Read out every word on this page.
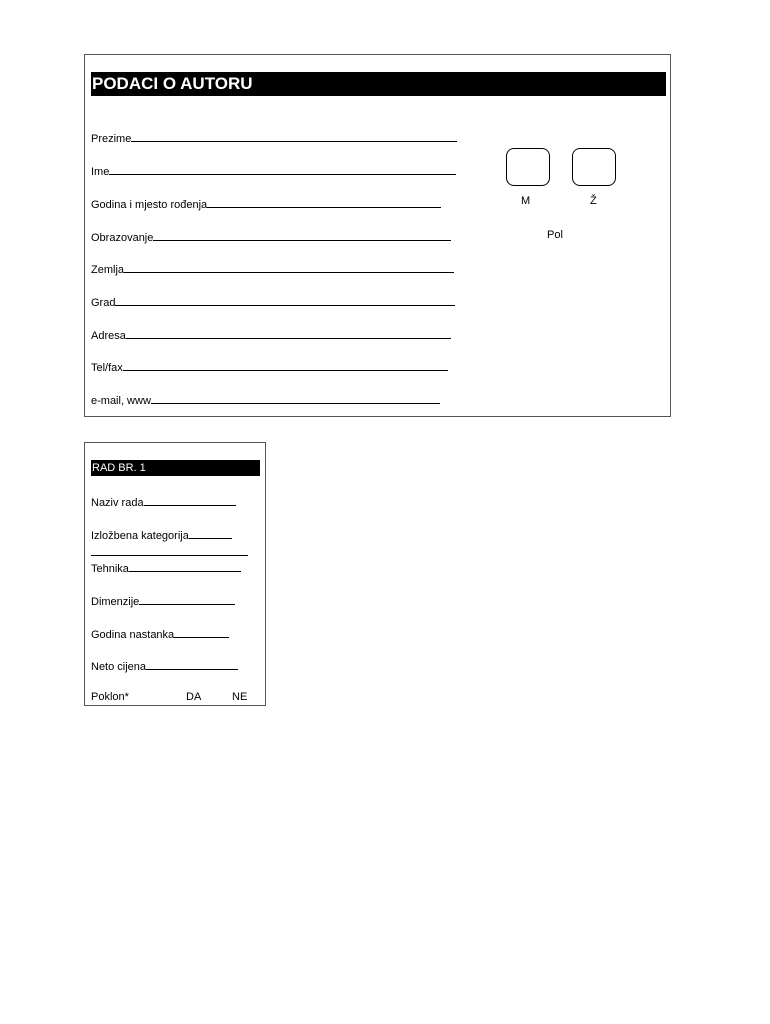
PODACI O AUTORU
Prezime
Ime
Godina i mjesto rođenja
Obrazovanje
Zemlja
Grad
Adresa
Tel/fax
e-mail, www
M	Ž
Pol
RAD BR. 1
Naziv rada
Izložbena kategorija
Tehnika
Dimenzije
Godina nastanka
Neto cijena
Poklon*	DA	NE
